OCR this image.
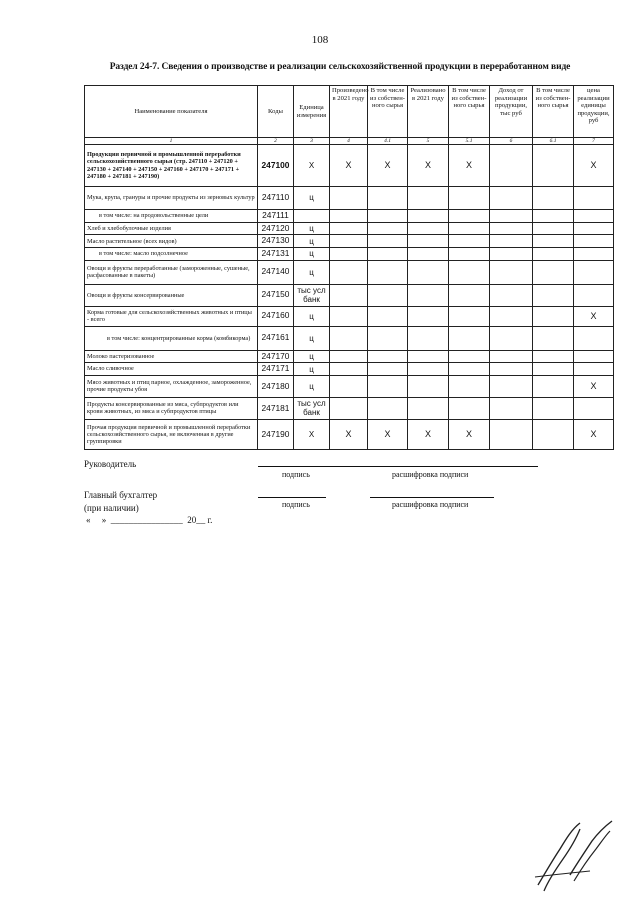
108
Раздел 24-7. Сведения о производстве и реализации сельскохозяйственной продукции в переработанном виде
Наименование показателя	Коды	Единица измерения	Произведено в 2021 году	В том числе из собствен-ного сырья	Реализовано в 2021 году	В том числе из собствен-ного сырья	Доход от реализации продукции, тыс руб	В том числе из собствен-ного сырья	цена реализации единицы продукции, руб
1	2	3	4	4.1	5	5.1	6	6.1	7
Продукция первичной и промышленной переработки сельскохозяйственного сырья (стр. 247110 + 247120 + 247130 + 247140 + 247150 + 247160 + 247170 + 247171 + 247180 + 247181 + 247190)	247100	X	X	X	X	X			X
Мука, крупа, грануры и прочие продукты из зерновых культур	247110	ц							
в том числе: на продовольственные цели	247111								
Хлеб и хлебобулочные изделия	247120	ц							
Масло растительное (всех видов)	247130	ц							
в том числе: масло подсолнечное	247131	ц							
Овощи и фрукты переработанные (замороженные, сушеные, расфасованные в пакеты)	247140	ц							
Овощи и фрукты консервированные	247150	тыс усл банк							
Корма готовые для сельскохозяйственных животных и птицы - всего	247160	ц							X
в том числе: концентрированные корма (комбикорма)	247161	ц							
Молоко пастеризованное	247170	ц							
Масло сливочное	247171	ц							
Мясо животных и птиц парное, охлажденное, замороженное, прочие продукты убоя	247180	ц							X
Продукты консервированные из мяса, субпродуктов или крови животных, из мяса и субпродуктов птицы	247181	тыс усл банк							
Прочая продукция первичной и промышленной переработки сельскохозяйственного сырья, не включенная в другие группировки	247190	X	X	X	X	X			X
Руководитель
подпись	расшифровка подписи
Главный бухгалтер
подпись	расшифровка подписи
(при наличии)
«     »  ________________  20__ г.
